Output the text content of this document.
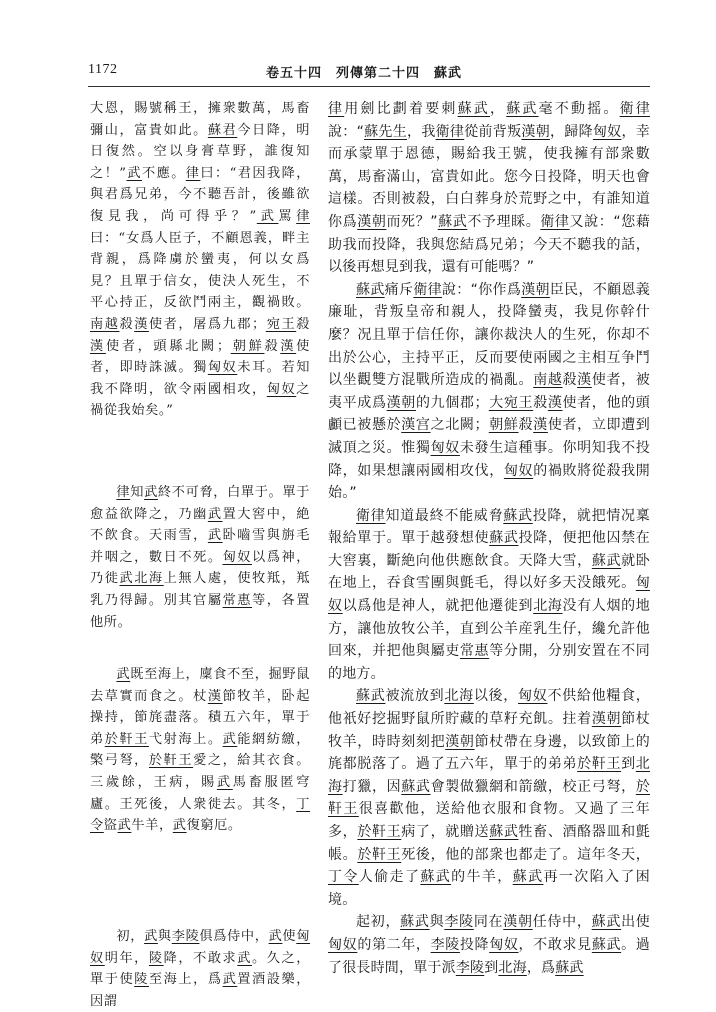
1172	卷五十四　列傳第二十四　蘇武

大恩，賜號稱王，擁衆數萬，馬畜彌山，富貴如此。蘇君今日降，明日復然。空以身膏草野，誰復知之！”武不應。律曰：“君因我降，與君爲兄弟，今不聽吾計，後雖欲復見我，尚可得乎？”武罵律曰：“女爲人臣子，不顧恩義，畔主背親，爲降虜於蠻夷，何以女爲見？且單于信女，使決人死生，不平心持正，反欲鬥兩主，觀禍敗。南越殺漢使者，屠爲九郡；宛王殺漢使者，頭縣北闕；朝鮮殺漢使者，即時誅滅。獨匈奴未耳。若知我不降明，欲令兩國相攻，匈奴之禍從我始矣。”

律知武終不可脅，白單于。單于愈益欲降之，乃幽武置大窖中，絶不飲食。天雨雪，武卧嚙雪與旃毛并咽之，數日不死。匈奴以爲神，乃徙武北海上無人處，使牧羝，羝乳乃得歸。別其官屬常惠等，各置他所。

武既至海上，廩食不至，掘野鼠去草實而食之。杖漢節牧羊，卧起操持，節旄盡落。積五六年，單于弟於靬王弋射海上。武能網紡繳，檠弓弩，於靬王愛之，給其衣食。三歲餘，王病，賜武馬畜服匿穹廬。王死後，人衆徙去。其冬，丁令盜武牛羊，武復窮厄。

初，武與李陵俱爲侍中，武使匈奴明年，陵降，不敢求武。久之，單于使陵至海上，爲武置酒設樂，因謂

律用劍比劃着要刺蘇武，蘇武毫不動摇。衛律說：“蘇先生，我衛律從前背叛漢朝，歸降匈奴，幸而承蒙單于恩德，賜給我王號，使我擁有部衆數萬，馬畜滿山，富貴如此。您今日投降，明天也會這樣。否則被殺，白白葬身於荒野之中，有誰知道你爲漢朝而死？”蘇武不予理睬。衛律又說：“您藉助我而投降，我與您結爲兄弟；今天不聽我的話，以後再想見到我，還有可能嗎？”

蘇武痛斥衛律說：“你作爲漢朝臣民，不顧恩義廉耻，背叛皇帝和親人，投降蠻夷，我見你幹什麼？况且單于信任你，讓你裁決人的生死，你却不出於公心，主持平正，反而要使兩國之主相互争鬥以坐觀雙方混戰所造成的禍亂。南越殺漢使者，被夷平成爲漢朝的九個郡；大宛王殺漢使者，他的頭顱已被懸於漢宫之北闕；朝鮮殺漢使者，立即遭到滅頂之災。惟獨匈奴未發生這種事。你明知我不投降，如果想讓兩國相攻伐，匈奴的禍敗將從殺我開始。”

衛律知道最終不能威脅蘇武投降，就把情况稟報給單于。單于越發想使蘇武投降，便把他囚禁在大窖裏，斷絶向他供應飲食。天降大雪，蘇武就卧在地上，吞食雪團與氈毛，得以好多天没餓死。匈奴以爲他是神人，就把他遷徙到北海没有人烟的地方，讓他放牧公羊，直到公羊産乳生仔，纔允許他回來，并把他與屬吏常惠等分開，分别安置在不同的地方。

蘇武被流放到北海以後，匈奴不供給他糧食，他衹好挖掘野鼠所貯藏的草籽充飢。拄着漢朝節杖牧羊，時時刻刻把漢朝節杖帶在身邊，以致節上的旄都脱落了。過了五六年，單于的弟弟於靬王到北海打獵，因蘇武會製做獵網和箭繳，校正弓弩，於靬王很喜歡他，送給他衣服和食物。又過了三年多，於靬王病了，就贈送蘇武牲畜、酒酪器皿和氈帳。於靬王死後，他的部衆也都走了。這年冬天，丁令人偷走了蘇武的牛羊，蘇武再一次陷入了困境。

起初，蘇武與李陵同在漢朝任侍中，蘇武出使匈奴的第二年，李陵投降匈奴，不敢求見蘇武。過了很長時間，單于派李陵到北海，爲蘇武
